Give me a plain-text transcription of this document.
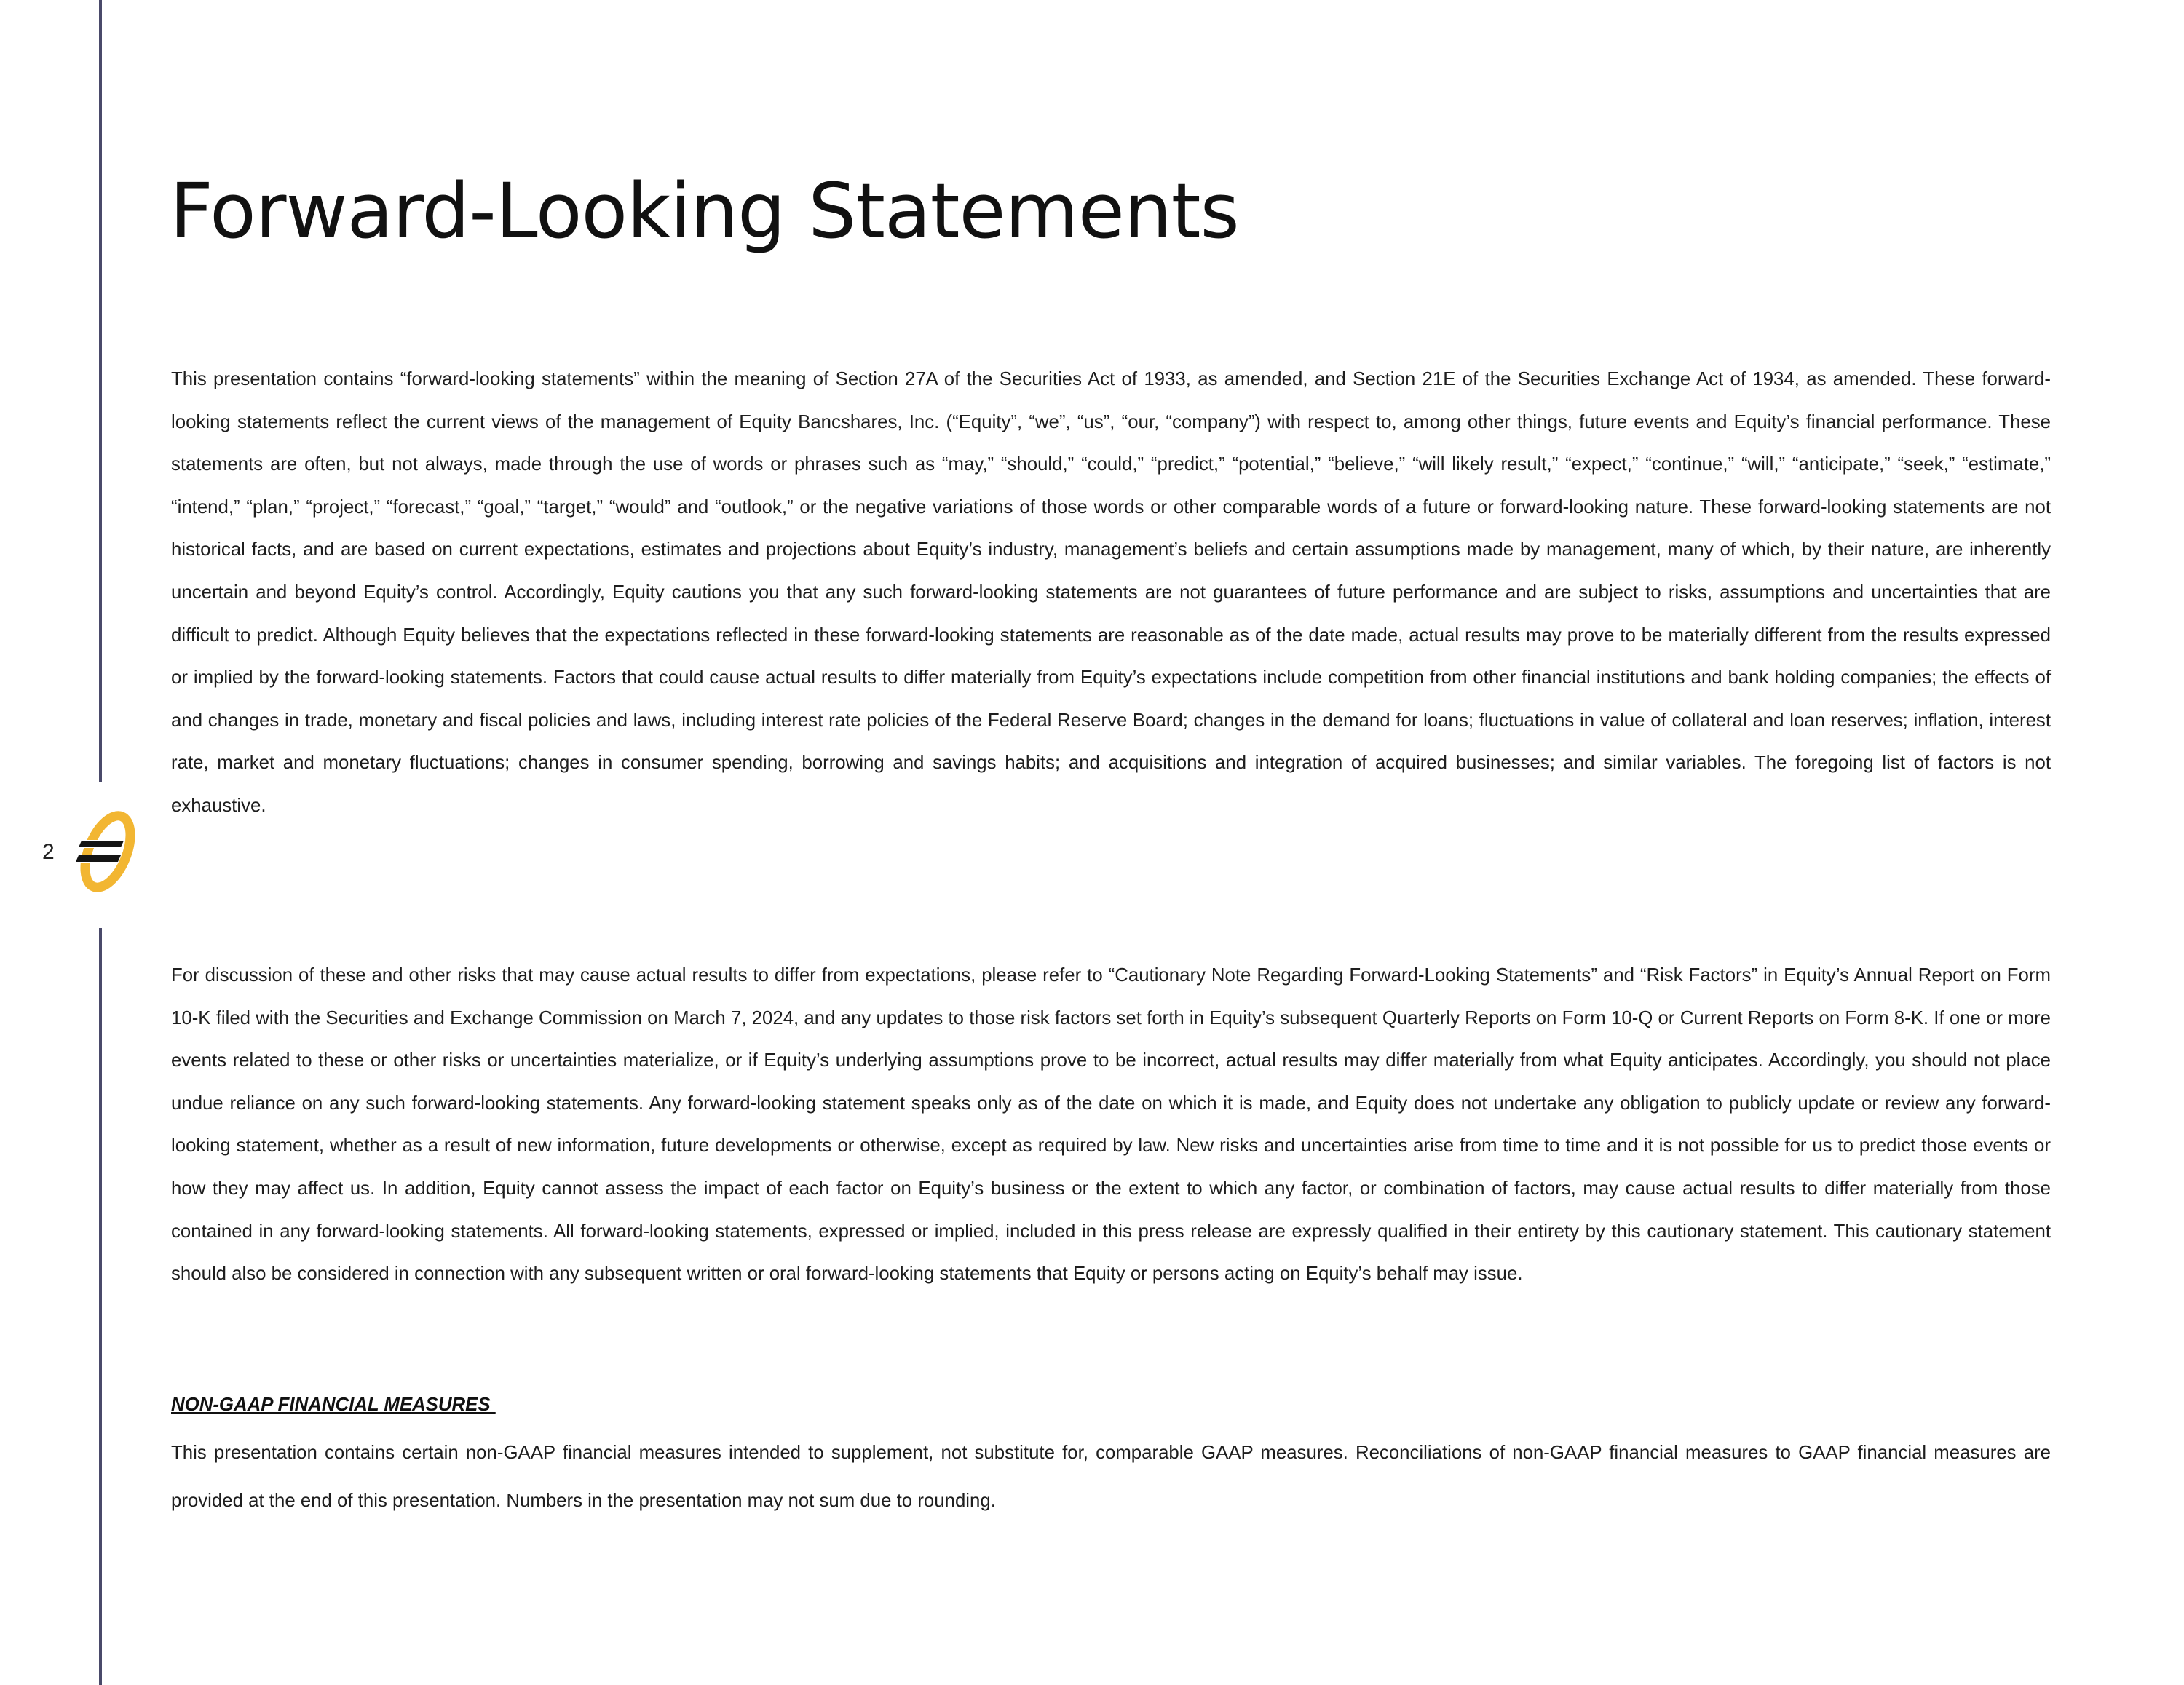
2
Forward-Looking Statements

This presentation contains “forward-looking statements” within the meaning of Section 27A of the Securities Act of 1933, as amended, and Section 21E of the Securities Exchange Act of 1934, as amended. These forward-looking statements reflect the current views of the management of Equity Bancshares, Inc. (“Equity”, “we”, “us”, “our, “company”) with respect to, among other things, future events and Equity’s financial performance. These statements are often, but not always, made through the use of words or phrases such as “may,” “should,” “could,” “predict,” “potential,” “believe,” “will likely result,” “expect,” “continue,” “will,” “anticipate,” “seek,” “estimate,” “intend,” “plan,” “project,” “forecast,” “goal,” “target,” “would” and “outlook,” or the negative variations of those words or other comparable words of a future or forward-looking nature. These forward-looking statements are not historical facts, and are based on current expectations, estimates and projections about Equity’s industry, management’s beliefs and certain assumptions made by management, many of which, by their nature, are inherently uncertain and beyond Equity’s control. Accordingly, Equity cautions you that any such forward-looking statements are not guarantees of future performance and are subject to risks, assumptions and uncertainties that are difficult to predict. Although Equity believes that the expectations reflected in these forward-looking statements are reasonable as of the date made, actual results may prove to be materially different from the results expressed or implied by the forward-looking statements. Factors that could cause actual results to differ materially from Equity’s expectations include competition from other financial institutions and bank holding companies; the effects of and changes in trade, monetary and fiscal policies and laws, including interest rate policies of the Federal Reserve Board; changes in the demand for loans; fluctuations in value of collateral and loan reserves; inflation, interest rate, market and monetary fluctuations; changes in consumer spending, borrowing and savings habits; and acquisitions and integration of acquired businesses; and similar variables. The foregoing list of factors is not exhaustive.

For discussion of these and other risks that may cause actual results to differ from expectations, please refer to “Cautionary Note Regarding Forward-Looking Statements” and “Risk Factors” in Equity’s Annual Report on Form 10-K filed with the Securities and Exchange Commission on March 7, 2024, and any updates to those risk factors set forth in Equity’s subsequent Quarterly Reports on Form 10-Q or Current Reports on Form 8-K. If one or more events related to these or other risks or uncertainties materialize, or if Equity’s underlying assumptions prove to be incorrect, actual results may differ materially from what Equity anticipates. Accordingly, you should not place undue reliance on any such forward-looking statements. Any forward-looking statement speaks only as of the date on which it is made, and Equity does not undertake any obligation to publicly update or review any forward-looking statement, whether as a result of new information, future developments or otherwise, except as required by law. New risks and uncertainties arise from time to time and it is not possible for us to predict those events or how they may affect us. In addition, Equity cannot assess the impact of each factor on Equity’s business or the extent to which any factor, or combination of factors, may cause actual results to differ materially from those contained in any forward-looking statements. All forward-looking statements, expressed or implied, included in this press release are expressly qualified in their entirety by this cautionary statement. This cautionary statement should also be considered in connection with any subsequent written or oral forward-looking statements that Equity or persons acting on Equity’s behalf may issue.

NON-GAAP FINANCIAL MEASURES

This presentation contains certain non-GAAP financial measures intended to supplement, not substitute for, comparable GAAP measures. Reconciliations of non-GAAP financial measures to GAAP financial measures are provided at the end of this presentation. Numbers in the presentation may not sum due to rounding.
